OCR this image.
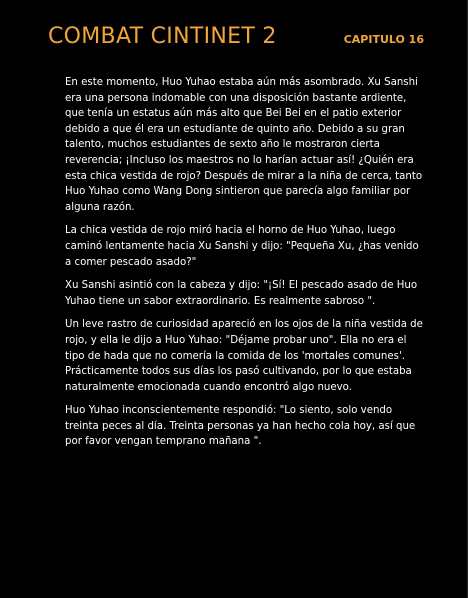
COMBAT CINTINET 2	CAPITULO 16

En este momento, Huo Yuhao estaba aún más asombrado. Xu Sanshi era una persona indomable con una disposición bastante ardiente, que tenía un estatus aún más alto que Bei Bei en el patio exterior debido a que él era un estudiante de quinto año. Debido a su gran talento, muchos estudiantes de sexto año le mostraron cierta reverencia; ¡Incluso los maestros no lo harían actuar así! ¿Quién era esta chica vestida de rojo? Después de mirar a la niña de cerca, tanto Huo Yuhao como Wang Dong sintieron que parecía algo familiar por alguna razón.

La chica vestida de rojo miró hacia el horno de Huo Yuhao, luego caminó lentamente hacia Xu Sanshi y dijo: "Pequeña Xu, ¿has venido a comer pescado asado?"

Xu Sanshi asintió con la cabeza y dijo: "¡Sí! El pescado asado de Huo Yuhao tiene un sabor extraordinario. Es realmente sabroso ".

Un leve rastro de curiosidad apareció en los ojos de la niña vestida de rojo, y ella le dijo a Huo Yuhao: "Déjame probar uno". Ella no era el tipo de hada que no comería la comida de los 'mortales comunes'. Prácticamente todos sus días los pasó cultivando, por lo que estaba naturalmente emocionada cuando encontró algo nuevo.

Huo Yuhao inconscientemente respondió: "Lo siento, solo vendo treinta peces al día. Treinta personas ya han hecho cola hoy, así que por favor vengan temprano mañana ".
